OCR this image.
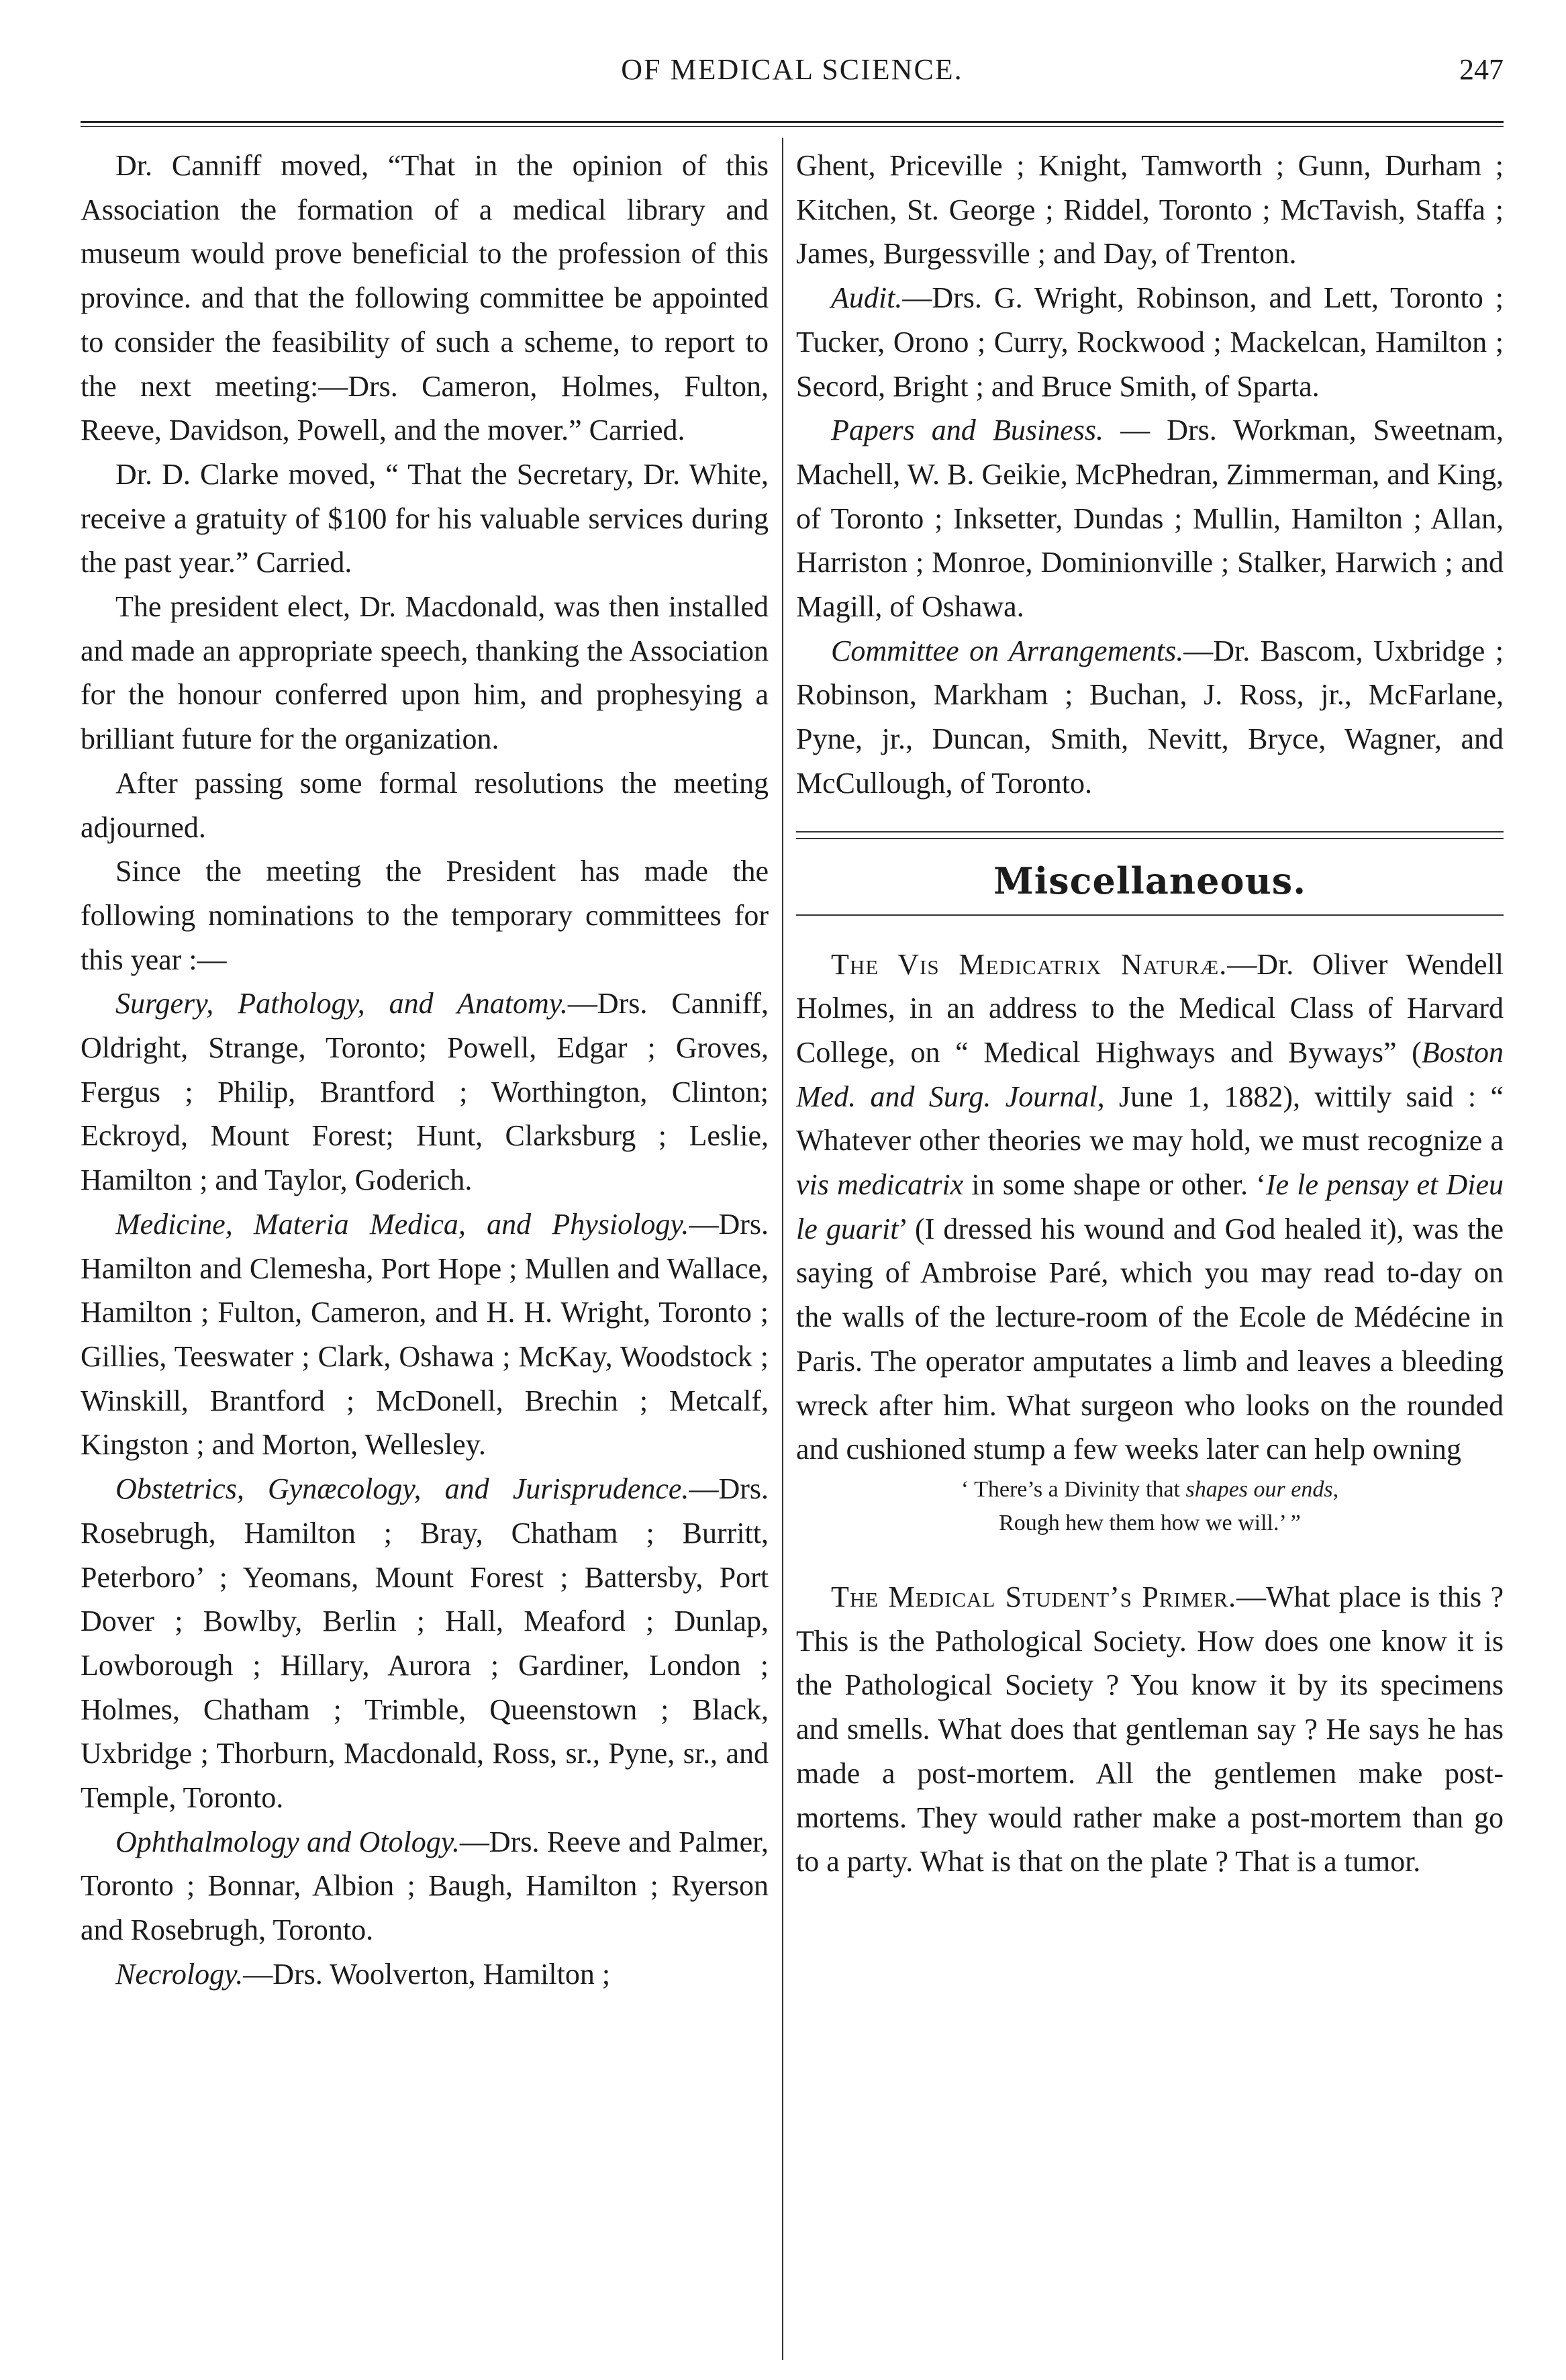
OF MEDICAL SCIENCE.	247

Dr. Canniff moved, “That in the opinion of this Association the formation of a medical library and museum would prove beneficial to the profession of this province. and that the following committee be appointed to consider the feasibility of such a scheme, to report to the next meeting:—Drs. Cameron, Holmes, Fulton, Reeve, Davidson, Powell, and the mover.” Carried.

Dr. D. Clarke moved, “ That the Secretary, Dr. White, receive a gratuity of $100 for his valuable services during the past year.” Carried.

The president elect, Dr. Macdonald, was then installed and made an appropriate speech, thanking the Association for the honour conferred upon him, and prophesying a brilliant future for the organization.

After passing some formal resolutions the meeting adjourned.

Since the meeting the President has made the following nominations to the temporary committees for this year :—

Surgery, Pathology, and Anatomy.—Drs. Canniff, Oldright, Strange, Toronto; Powell, Edgar ; Groves, Fergus ; Philip, Brantford ; Worthington, Clinton; Eckroyd, Mount Forest; Hunt, Clarksburg ; Leslie, Hamilton ; and Taylor, Goderich.

Medicine, Materia Medica, and Physiology.—Drs. Hamilton and Clemesha, Port Hope ; Mullen and Wallace, Hamilton ; Fulton, Cameron, and H. H. Wright, Toronto ; Gillies, Teeswater ; Clark, Oshawa ; McKay, Woodstock ; Winskill, Brantford ; McDonell, Brechin ; Metcalf, Kingston ; and Morton, Wellesley.

Obstetrics, Gynæcology, and Jurisprudence.—Drs. Rosebrugh, Hamilton ; Bray, Chatham ; Burritt, Peterboro’ ; Yeomans, Mount Forest ; Battersby, Port Dover ; Bowlby, Berlin ; Hall, Meaford ; Dunlap, Lowborough ; Hillary, Aurora ; Gardiner, London ; Holmes, Chatham ; Trimble, Queenstown ; Black, Uxbridge ; Thorburn, Macdonald, Ross, sr., Pyne, sr., and Temple, Toronto.

Ophthalmology and Otology.—Drs. Reeve and Palmer, Toronto ; Bonnar, Albion ; Baugh, Hamilton ; Ryerson and Rosebrugh, Toronto.

Necrology.—Drs. Woolverton, Hamilton ;

Ghent, Priceville ; Knight, Tamworth ; Gunn, Durham ; Kitchen, St. George ; Riddel, Toronto ; McTavish, Staffa ; James, Burgessville ; and Day, of Trenton.

Audit.—Drs. G. Wright, Robinson, and Lett, Toronto ; Tucker, Orono ; Curry, Rockwood ; Mackelcan, Hamilton ; Secord, Bright ; and Bruce Smith, of Sparta.

Papers and Business. — Drs. Workman, Sweetnam, Machell, W. B. Geikie, McPhedran, Zimmerman, and King, of Toronto ; Inksetter, Dundas ; Mullin, Hamilton ; Allan, Harriston ; Monroe, Dominionville ; Stalker, Harwich ; and Magill, of Oshawa.

Committee on Arrangements.—Dr. Bascom, Uxbridge ; Robinson, Markham ; Buchan, J. Ross, jr., McFarlane, Pyne, jr., Duncan, Smith, Nevitt, Bryce, Wagner, and McCullough, of Toronto.

Miscellaneous.

The Vis Medicatrix Naturæ.—Dr. Oliver Wendell Holmes, in an address to the Medical Class of Harvard College, on “ Medical Highways and Byways” (Boston Med. and Surg. Journal, June 1, 1882), wittily said : “ Whatever other theories we may hold, we must recognize a vis medicatrix in some shape or other. ‘Ie le pensay et Dieu le guarit’ (I dressed his wound and God healed it), was the saying of Ambroise Paré, which you may read to-day on the walls of the lecture-room of the Ecole de Médécine in Paris. The operator amputates a limb and leaves a bleeding wreck after him. What surgeon who looks on the rounded and cushioned stump a few weeks later can help owning

‘ There’s a Divinity that shapes our ends,
Rough hew them how we will.’ ”

The Medical Student’s Primer.—What place is this ? This is the Pathological Society. How does one know it is the Pathological Society ? You know it by its specimens and smells. What does that gentleman say ? He says he has made a post-mortem. All the gentlemen make post-mortems. They would rather make a post-mortem than go to a party. What is that on the plate ? That is a tumor.
